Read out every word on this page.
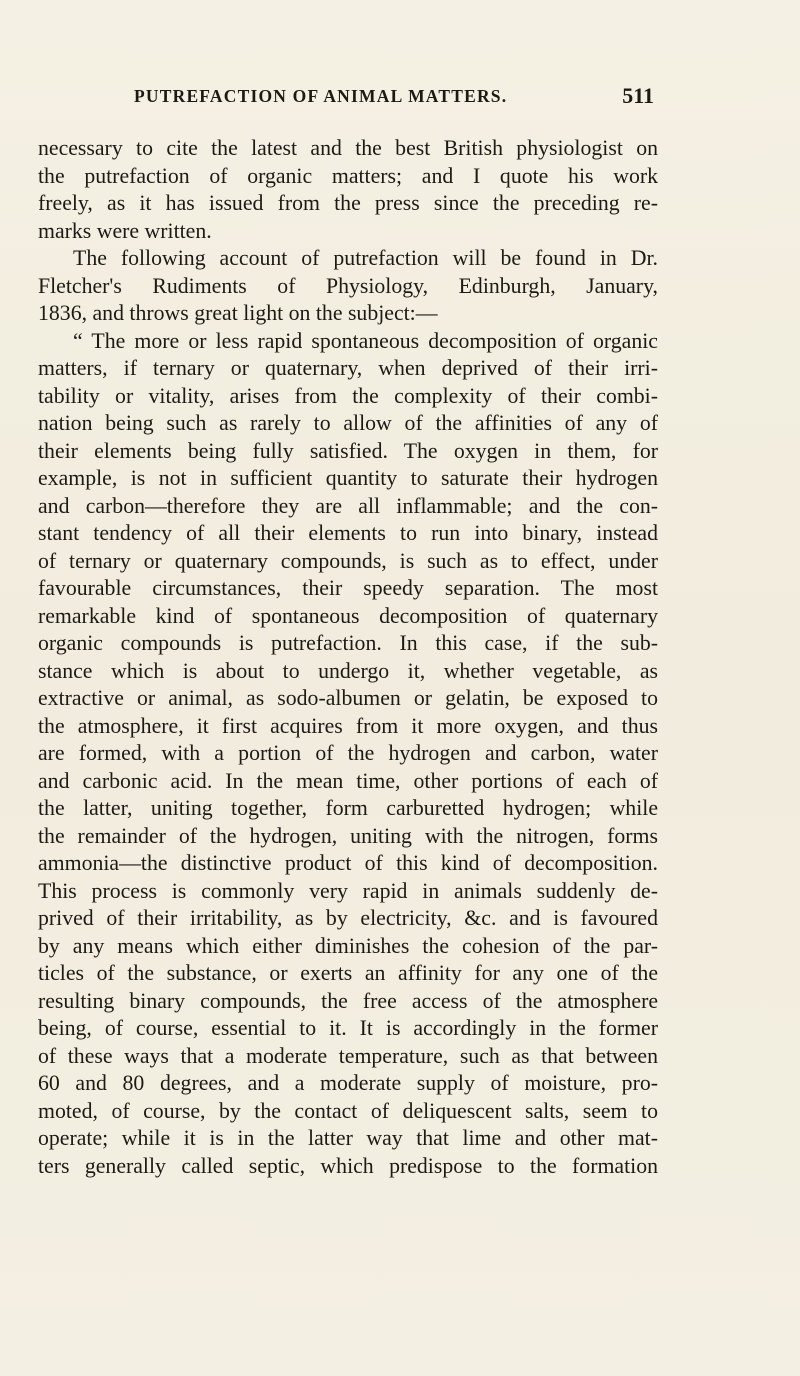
PUTREFACTION OF ANIMAL MATTERS.	511
necessary to cite the latest and the best British physiologist on
the putrefaction of organic matters; and I quote his work
freely, as it has issued from the press since the preceding re-
marks were written.
The following account of putrefaction will be found in Dr.
Fletcher's Rudiments of Physiology, Edinburgh, January,
1836, and throws great light on the subject:—
“ The more or less rapid spontaneous decomposition of organic
matters, if ternary or quaternary, when deprived of their irri-
tability or vitality, arises from the complexity of their combi-
nation being such as rarely to allow of the affinities of any of
their elements being fully satisfied. The oxygen in them, for
example, is not in sufficient quantity to saturate their hydrogen
and carbon—therefore they are all inflammable; and the con-
stant tendency of all their elements to run into binary, instead
of ternary or quaternary compounds, is such as to effect, under
favourable circumstances, their speedy separation. The most
remarkable kind of spontaneous decomposition of quaternary
organic compounds is putrefaction. In this case, if the sub-
stance which is about to undergo it, whether vegetable, as
extractive or animal, as sodo-albumen or gelatin, be exposed to
the atmosphere, it first acquires from it more oxygen, and thus
are formed, with a portion of the hydrogen and carbon, water
and carbonic acid. In the mean time, other portions of each of
the latter, uniting together, form carburetted hydrogen; while
the remainder of the hydrogen, uniting with the nitrogen, forms
ammonia—the distinctive product of this kind of decomposition.
This process is commonly very rapid in animals suddenly de-
prived of their irritability, as by electricity, &c. and is favoured
by any means which either diminishes the cohesion of the par-
ticles of the substance, or exerts an affinity for any one of the
resulting binary compounds, the free access of the atmosphere
being, of course, essential to it. It is accordingly in the former
of these ways that a moderate temperature, such as that between
60 and 80 degrees, and a moderate supply of moisture, pro-
moted, of course, by the contact of deliquescent salts, seem to
operate; while it is in the latter way that lime and other mat-
ters generally called septic, which predispose to the formation
